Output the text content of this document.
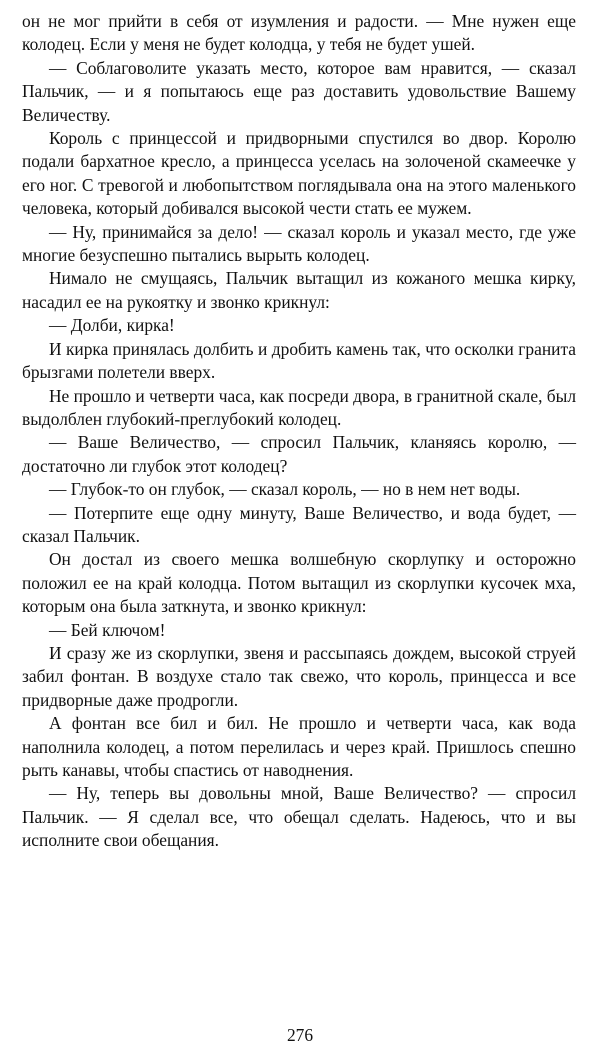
он не мог прийти в себя от изумления и радости. — Мне нужен еще колодец. Если у меня не будет колодца, у тебя не будет ушей.

— Соблаговолите указать место, которое вам нравится, — сказал Пальчик, — и я попытаюсь еще раз доставить удовольствие Вашему Величеству.

Король с принцессой и придворными спустился во двор. Королю подали бархатное кресло, а принцесса уселась на золоченой скамеечке у его ног. С тревогой и любопытством поглядывала она на этого маленького человека, который добивался высокой чести стать ее мужем.

— Ну, принимайся за дело! — сказал король и указал место, где уже многие безуспешно пытались вырыть колодец.

Нимало не смущаясь, Пальчик вытащил из кожаного мешка кирку, насадил ее на рукоятку и звонко крикнул:

— Долби, кирка!

И кирка принялась долбить и дробить камень так, что осколки гранита брызгами полетели вверх.

Не прошло и четверти часа, как посреди двора, в гранитной скале, был выдолблен глубокий-преглубокий колодец.

— Ваше Величество, — спросил Пальчик, кланяясь королю, — достаточно ли глубок этот колодец?

— Глубок-то он глубок, — сказал король, — но в нем нет воды.

— Потерпите еще одну минуту, Ваше Величество, и вода будет, — сказал Пальчик.

Он достал из своего мешка волшебную скорлупку и осторожно положил ее на край колодца. Потом вытащил из скорлупки кусочек мха, которым она была заткнута, и звонко крикнул:

— Бей ключом!

И сразу же из скорлупки, звеня и рассыпаясь дождем, высокой струей забил фонтан. В воздухе стало так свежо, что король, принцесса и все придворные даже продрогли.

А фонтан все бил и бил. Не прошло и четверти часа, как вода наполнила колодец, а потом перелилась и через край. Пришлось спешно рыть канавы, чтобы спастись от наводнения.

— Ну, теперь вы довольны мной, Ваше Величество? — спросил Пальчик. — Я сделал все, что обещал сделать. Надеюсь, что и вы исполните свои обещания.

276
